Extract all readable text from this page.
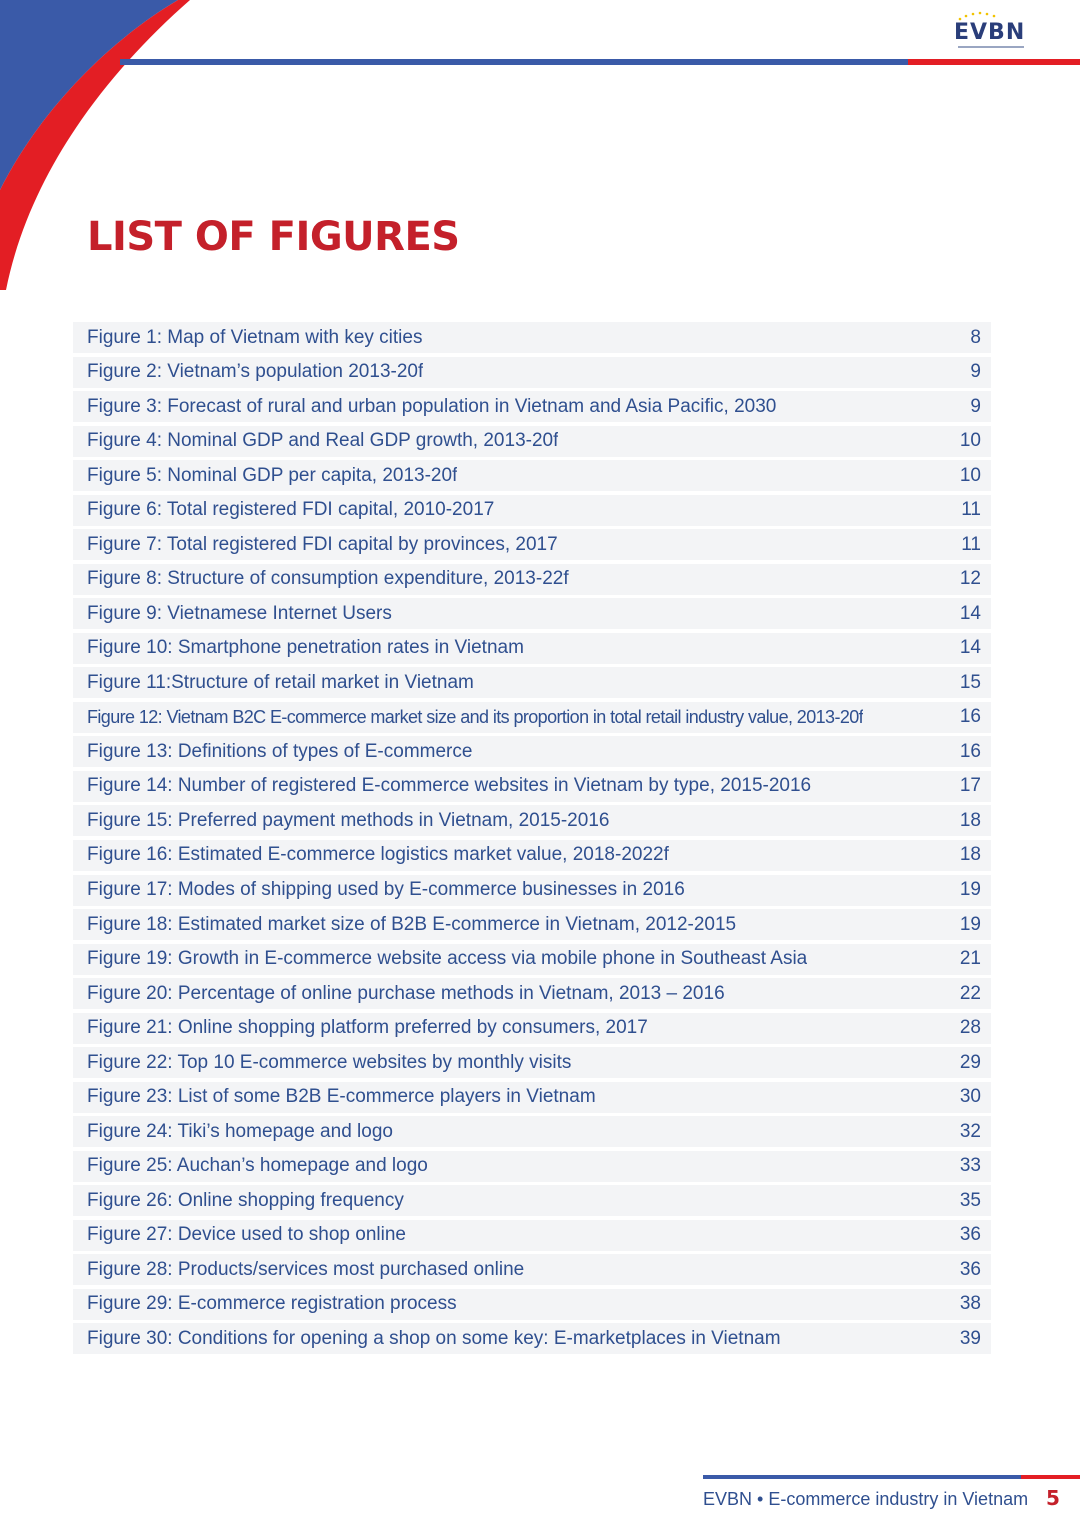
EVBN
LIST OF FIGURES
Figure 1: Map of Vietnam with key cities	8
Figure 2: Vietnam’s population 2013-20f	9
Figure 3: Forecast of rural and urban population in Vietnam and Asia Pacific, 2030	9
Figure 4: Nominal GDP and Real GDP growth, 2013-20f	10
Figure 5: Nominal GDP per capita, 2013-20f	10
Figure 6: Total registered FDI capital, 2010-2017	11
Figure 7: Total registered FDI capital by provinces, 2017	11
Figure 8: Structure of consumption expenditure, 2013-22f	12
Figure 9: Vietnamese Internet Users	14
Figure 10: Smartphone penetration rates in Vietnam	14
Figure 11:Structure of retail market in Vietnam	15
Figure 12: Vietnam B2C E-commerce market size and its proportion in total retail industry value, 2013-20f	16
Figure 13: Definitions of types of E-commerce	16
Figure 14: Number of registered E-commerce websites in Vietnam by type, 2015-2016	17
Figure 15: Preferred payment methods in Vietnam, 2015-2016	18
Figure 16: Estimated E-commerce logistics market value, 2018-2022f	18
Figure 17: Modes of shipping used by E-commerce businesses in 2016	19
Figure 18: Estimated market size of B2B E-commerce in Vietnam, 2012-2015	19
Figure 19: Growth in E-commerce website access via mobile phone in Southeast Asia	21
Figure 20: Percentage of online purchase methods in Vietnam, 2013 – 2016	22
Figure 21: Online shopping platform preferred by consumers, 2017	28
Figure 22: Top 10 E-commerce websites by monthly visits	29
Figure 23: List of some B2B E-commerce players in Vietnam	30
Figure 24: Tiki’s homepage and logo	32
Figure 25: Auchan’s homepage and logo	33
Figure 26: Online shopping frequency	35
Figure 27: Device used to shop online	36
Figure 28: Products/services most purchased online	36
Figure 29: E-commerce registration process	38
Figure 30: Conditions for opening a shop on some key: E-marketplaces in Vietnam	39
EVBN • E-commerce industry in Vietnam 5
